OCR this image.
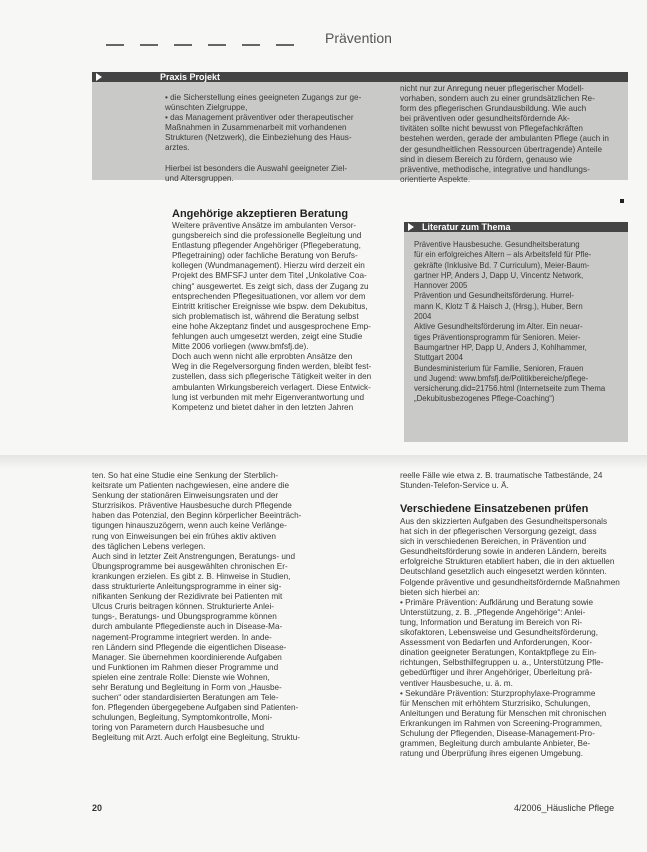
Prävention
Praxis Projekt
• die Sicherstellung eines geeigneten Zugangs zur ge-
wünschten Zielgruppe,
• das Management präventiver oder therapeutischer
Maßnahmen in Zusammenarbeit mit vorhandenen
Strukturen (Netzwerk), die Einbeziehung des Haus-
arztes.

Hierbei ist besonders die Auswahl geeigneter Ziel-
und Altersgruppen.
nicht nur zur Anregung neuer pflegerischer Modell-
vorhaben, sondern auch zu einer grundsätzlichen Re-
form des pflegerischen Grundausbildung. Wie auch
bei präventiven oder gesundheitsfördernde Ak-
tivitäten sollte nicht bewusst von Pflegefachkräften
bestehen werden, gerade der ambulanten Pflege (auch in
der gesundheitlichen Ressourcen übertragende) Anteile
sind in diesem Bereich zu fördern, genauso wie
präventive, methodische, integrative und handlungs-
orientierte Aspekte.
Angehörige akzeptieren Beratung
Weitere präventive Ansätze im ambulanten Versor-
gungsbereich sind die professionelle Begleitung und
Entlastung pflegender Angehöriger (Pflegeberatung,
Pflegetraining) oder fachliche Beratung von Berufs-
kollegen (Wundmanagement). Hierzu wird derzeit ein
Projekt des BMFSFJ unter dem Titel „Unkolative Coa-
ching“ ausgewertet. Es zeigt sich, dass der Zugang zu
entsprechenden Pflegesituationen, vor allem vor dem
Eintritt kritischer Ereignisse wie bspw. dem Dekubitus,
sich problematisch ist, während die Beratung selbst
eine hohe Akzeptanz findet und ausgesprochene Emp-
fehlungen auch umgesetzt werden, zeigt eine Studie
Mitte 2006 vorliegen (www.bmfsfj.de).
Doch auch wenn nicht alle erprobten Ansätze den
Weg in die Regelversorgung finden werden, bleibt fest-
zustellen, dass sich pflegerische Tätigkeit weiter in den
ambulanten Wirkungsbereich verlagert. Diese Entwick-
lung ist verbunden mit mehr Eigenverantwortung und
Kompetenz und bietet daher in den letzten Jahren
Literatur zum Thema
Präventive Hausbesuche. Gesundheitsberatung
für ein erfolgreiches Altern – als Arbeitsfeld für Pfle-
gekräfte (Inklusive Bd. 7 Curriculum), Meier-Baum-
gartner HP, Anders J, Dapp U, Vincentz Network,
Hannover 2005
Prävention und Gesundheitsförderung. Hurrel-
mann K, Klotz T & Haisch J, (Hrsg.), Huber, Bern
2004
Aktive Gesundheitsförderung im Alter. Ein neuar-
tiges Präventionsprogramm für Senioren. Meier-
Baumgartner HP, Dapp U, Anders J, Kohlhammer,
Stuttgart 2004
Bundesministerium für Familie, Senioren, Frauen
und Jugend: www.bmfsfj.de/Politikbereiche/pflege-
versicherung.did=21756.html (Internetseite zum Thema
„Dekubitusbezogenes Pflege-Coaching“)
ten. So hat eine Studie eine Senkung der Sterblich-
keitsrate um Patienten nachgewiesen, eine andere die
Senkung der stationären Einweisungsraten und der
Sturzrisikos. Präventive Hausbesuche durch Pflegende
haben das Potenzial, den Beginn körperlicher Beeinträch-
tigungen hinauszuzögern, wenn auch keine Verlänge-
rung von Einweisungen bei ein frühes aktiv aktiven
des täglichen Lebens verlegen.
Auch sind in letzter Zeit Anstrengungen, Beratungs- und
Übungsprogramme bei ausgewählten chronischen Er-
krankungen erzielen. Es gibt z. B. Hinweise in Studien,
dass strukturierte Anleitungsprogramme in einer sig-
nifikanten Senkung der Rezidivrate bei Patienten mit
Ulcus Cruris beitragen können. Strukturierte Anlei-
tungs-, Beratungs- und Übungsprogramme können
durch ambulante Pflegedienste auch in Disease-Ma-
nagement-Programme integriert werden. In ande-
ren Ländern sind Pflegende die eigentlichen Disease-
Manager. Sie übernehmen koordinierende Aufgaben
und Funktionen im Rahmen dieser Programme und
spielen eine zentrale Rolle: Dienste wie Wohnen,
sehr Beratung und Begleitung in Form von „Hausbe-
suchen“ oder standardisierten Beratungen am Tele-
fon. Pflegenden übergegebene Aufgaben sind Patienten-
schulungen, Begleitung, Symptomkontrolle, Moni-
toring von Parametern durch Hausbesuche und
Begleitung mit Arzt. Auch erfolgt eine Begleitung, Struktu-
reelle Fälle wie etwa z. B. traumatische Tatbestände, 24
Stunden-Telefon-Service u. Ä.
Verschiedene Einsatzebenen prüfen
Aus den skizzierten Aufgaben des Gesundheitspersonals
hat sich in der pflegerischen Versorgung gezeigt, dass
sich in verschiedenen Bereichen, in Prävention und
Gesundheitsförderung sowie in anderen Ländern, bereits
erfolgreiche Strukturen etabliert haben, die in den aktuellen
Deutschland gesetzlich auch eingesetzt werden könnten.
Folgende präventive und gesundheitsfördernde Maßnahmen
bieten sich hierbei an:
• Primäre Prävention: Aufklärung und Beratung sowie
Unterstützung, z. B. „Pflegende Angehörige“: Anlei-
tung, Information und Beratung im Bereich von Ri-
sikofaktoren, Lebensweise und Gesundheitsförderung,
Assessment von Bedarfen und Anforderungen, Koor-
dination geeigneter Beratungen, Kontaktpflege zu Ein-
richtungen, Selbsthilfegruppen u. a., Unterstützung Pfle-
gebedürftiger und ihrer Angehöriger, Überleitung prä-
ventiver Hausbesuche, u. ä. m.
• Sekundäre Prävention: Sturzprophylaxe-Programme
für Menschen mit erhöhtem Sturzrisiko, Schulungen,
Anleitungen und Beratung für Menschen mit chronischen
Erkrankungen im Rahmen von Screening-Programmen,
Schulung der Pflegenden, Disease-Management-Pro-
grammen, Begleitung durch ambulante Anbieter, Be-
ratung und Überprüfung ihres eigenen Umgebung.
20	4/2006_Häusliche Pflege
